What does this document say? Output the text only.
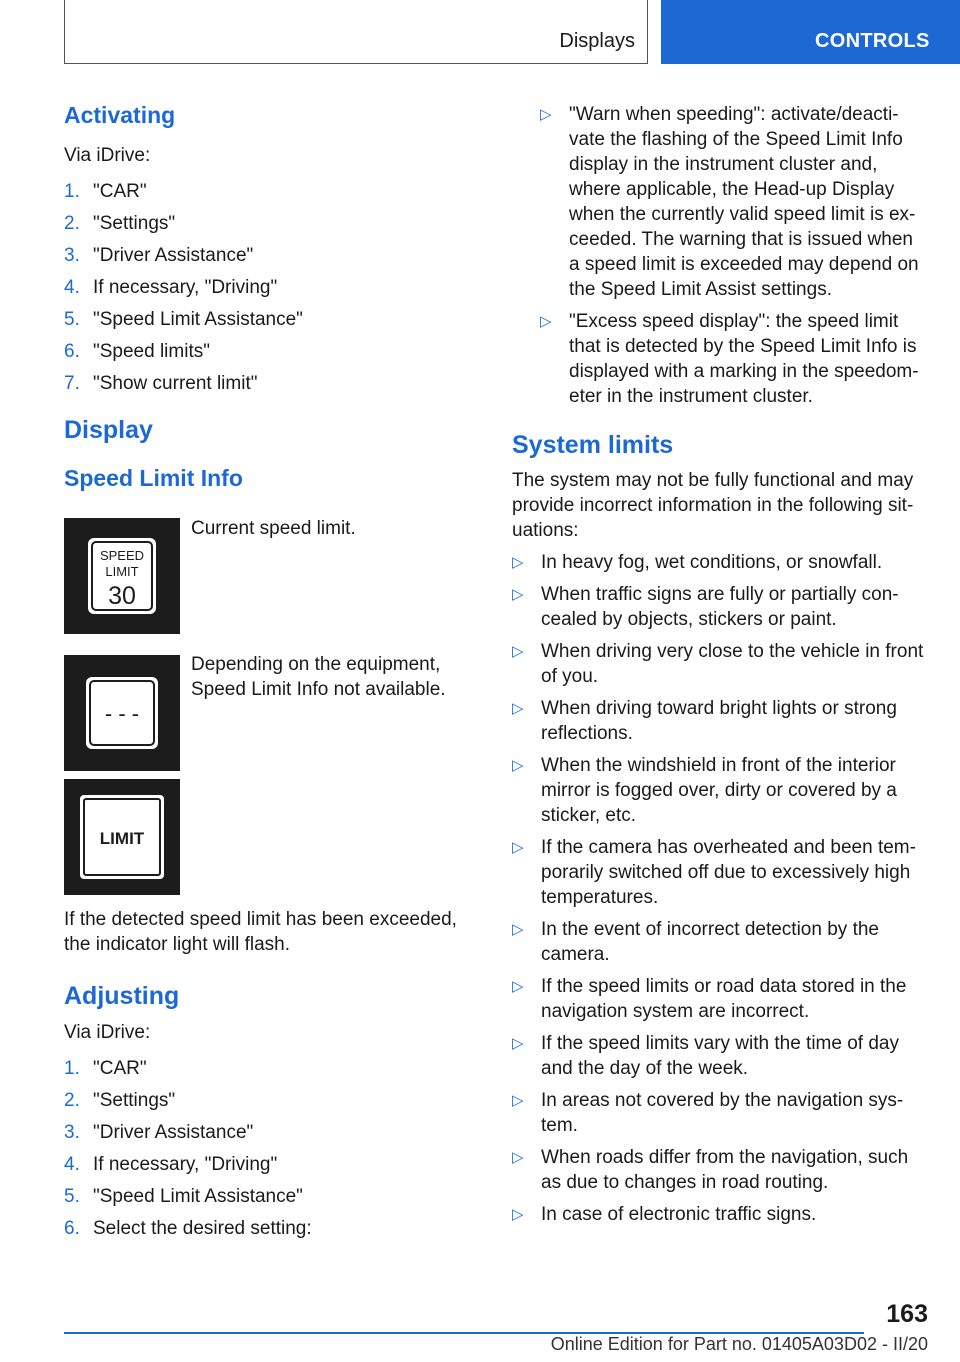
Displays	CONTROLS
Activating
Via iDrive:
1. "CAR"
2. "Settings"
3. "Driver Assistance"
4. If necessary, "Driving"
5. "Speed Limit Assistance"
6. "Speed limits"
7. "Show current limit"
Display
Speed Limit Info
SPEED
LIMIT
30
Current speed limit.
- - -
Depending on the equipment, Speed Limit Info not available.
LIMIT
If the detected speed limit has been exceeded, the indicator light will flash.
Adjusting
Via iDrive:
1. "CAR"
2. "Settings"
3. "Driver Assistance"
4. If necessary, "Driving"
5. "Speed Limit Assistance"
6. Select the desired setting:
▷ "Warn when speeding": activate/deacti- vate the flashing of the Speed Limit Info display in the instrument cluster and, where applicable, the Head-up Display when the currently valid speed limit is ex- ceeded. The warning that is issued when a speed limit is exceeded may depend on the Speed Limit Assist settings.
▷ "Excess speed display": the speed limit that is detected by the Speed Limit Info is displayed with a marking in the speedom- eter in the instrument cluster.
System limits
The system may not be fully functional and may provide incorrect information in the following sit- uations:
▷ In heavy fog, wet conditions, or snowfall.
▷ When traffic signs are fully or partially con- cealed by objects, stickers or paint.
▷ When driving very close to the vehicle in front of you.
▷ When driving toward bright lights or strong reflections.
▷ When the windshield in front of the interior mirror is fogged over, dirty or covered by a sticker, etc.
▷ If the camera has overheated and been tem- porarily switched off due to excessively high temperatures.
▷ In the event of incorrect detection by the camera.
▷ If the speed limits or road data stored in the navigation system are incorrect.
▷ If the speed limits vary with the time of day and the day of the week.
▷ In areas not covered by the navigation sys- tem.
▷ When roads differ from the navigation, such as due to changes in road routing.
▷ In case of electronic traffic signs.
163
Online Edition for Part no. 01405A03D02 - II/20
